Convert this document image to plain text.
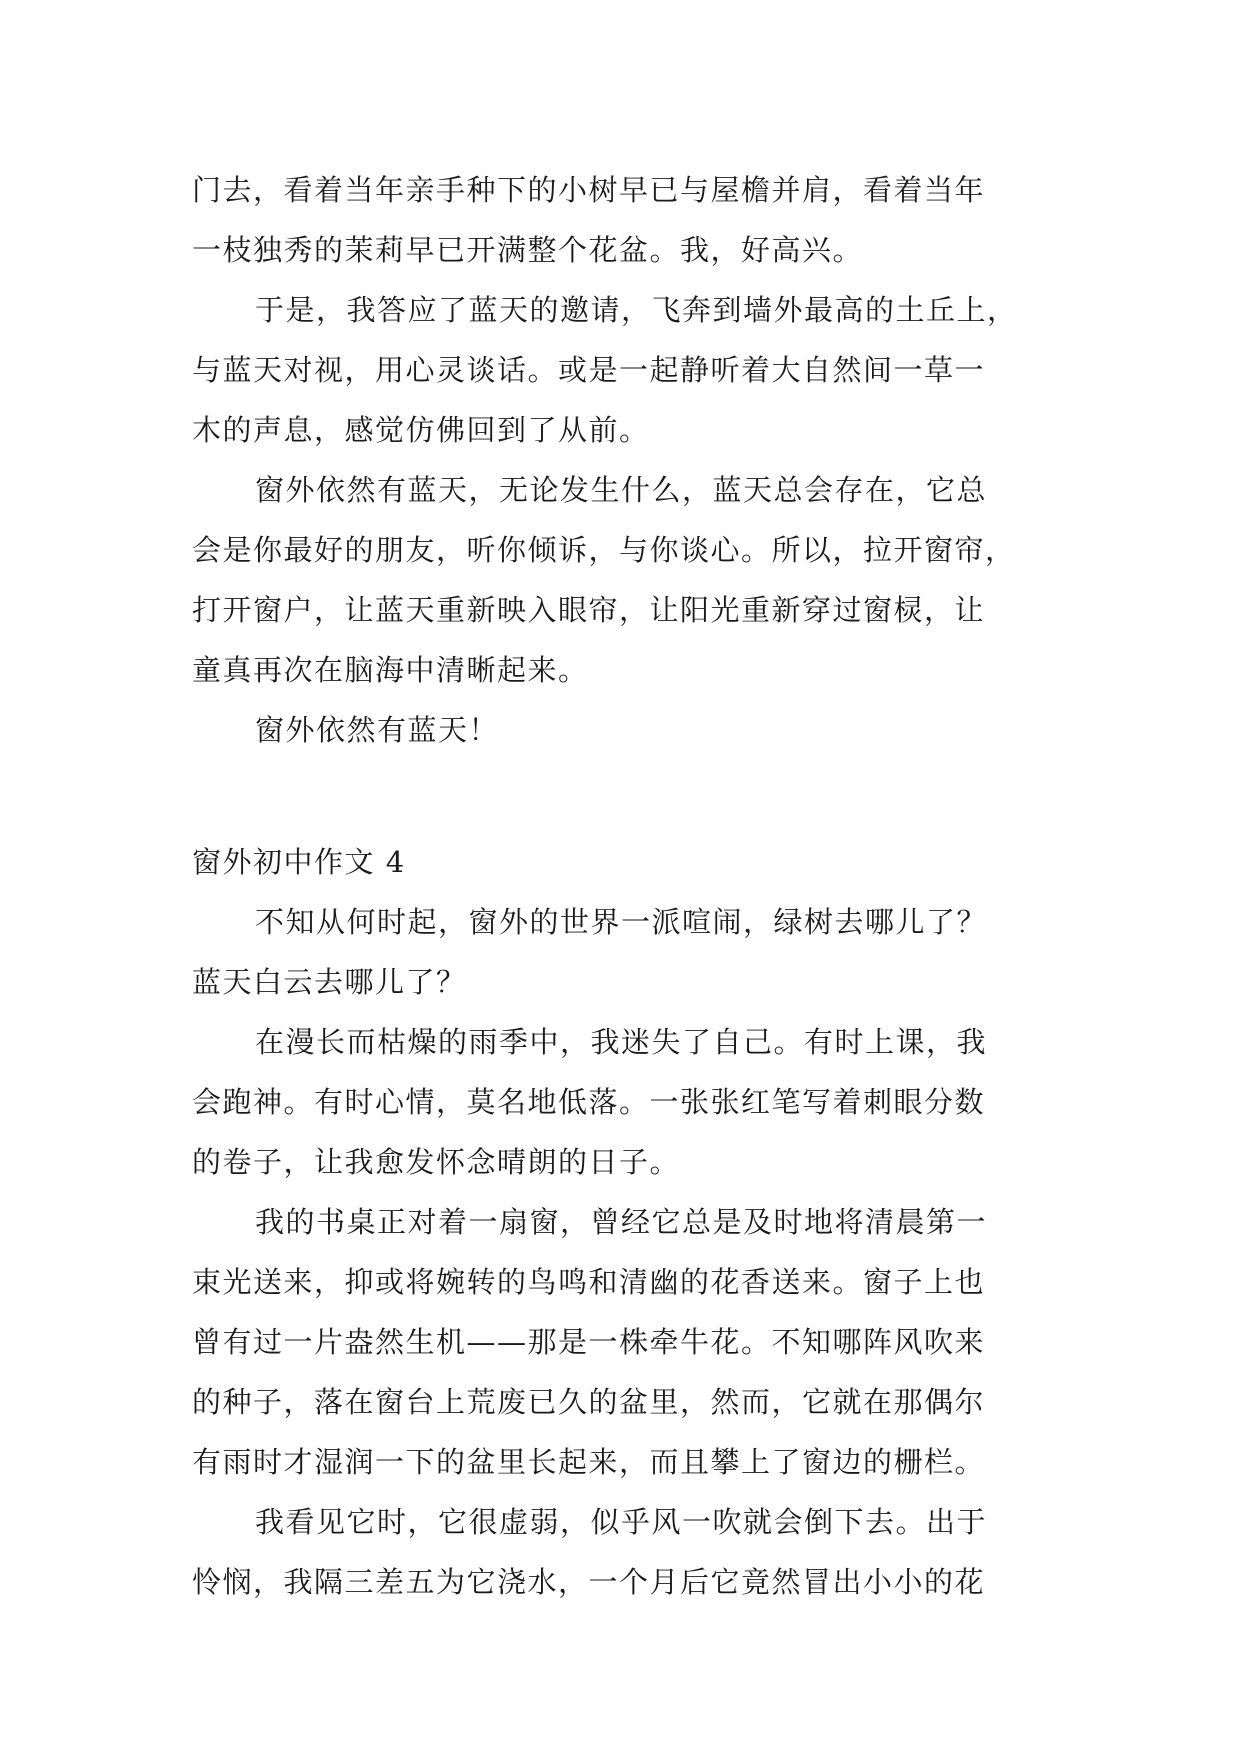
门去，看着当年亲手种下的小树早已与屋檐并肩，看着当年
一枝独秀的茉莉早已开满整个花盆。我，好高兴。
于是，我答应了蓝天的邀请，飞奔到墙外最高的土丘上，
与蓝天对视，用心灵谈话。或是一起静听着大自然间一草一
木的声息，感觉仿佛回到了从前。
窗外依然有蓝天，无论发生什么，蓝天总会存在，它总
会是你最好的朋友，听你倾诉，与你谈心。所以，拉开窗帘，
打开窗户，让蓝天重新映入眼帘，让阳光重新穿过窗棂，让
童真再次在脑海中清晰起来。
窗外依然有蓝天！
窗外初中作文 4
不知从何时起，窗外的世界一派喧闹，绿树去哪儿了？
蓝天白云去哪儿了？
在漫长而枯燥的雨季中，我迷失了自己。有时上课，我
会跑神。有时心情，莫名地低落。一张张红笔写着刺眼分数
的卷子，让我愈发怀念晴朗的日子。
我的书桌正对着一扇窗，曾经它总是及时地将清晨第一
束光送来，抑或将婉转的鸟鸣和清幽的花香送来。窗子上也
曾有过一片盎然生机——那是一株牵牛花。不知哪阵风吹来
的种子，落在窗台上荒废已久的盆里，然而，它就在那偶尔
有雨时才湿润一下的盆里长起来，而且攀上了窗边的栅栏。
我看见它时，它很虚弱，似乎风一吹就会倒下去。出于
怜悯，我隔三差五为它浇水，一个月后它竟然冒出小小的花
